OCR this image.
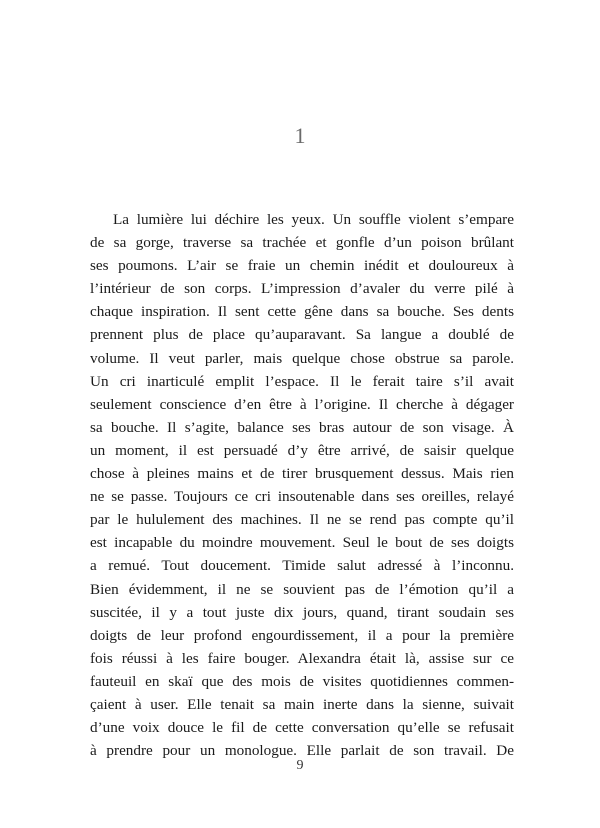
1
La lumière lui déchire les yeux. Un souffle violent s’empare
de sa gorge, traverse sa trachée et gonfle d’un poison brûlant
ses poumons. L’air se fraie un chemin inédit et douloureux à
l’intérieur de son corps. L’impression d’avaler du verre pilé à
chaque inspiration. Il sent cette gêne dans sa bouche. Ses dents
prennent plus de place qu’auparavant. Sa langue a doublé de
volume. Il veut parler, mais quelque chose obstrue sa parole.
Un cri inarticulé emplit l’espace. Il le ferait taire s’il avait
seulement conscience d’en être à l’origine. Il cherche à dégager
sa bouche. Il s’agite, balance ses bras autour de son visage. À
un moment, il est persuadé d’y être arrivé, de saisir quelque
chose à pleines mains et de tirer brusquement dessus. Mais rien
ne se passe. Toujours ce cri insoutenable dans ses oreilles, relayé
par le hululement des machines. Il ne se rend pas compte qu’il
est incapable du moindre mouvement. Seul le bout de ses doigts
a remué. Tout doucement. Timide salut adressé à l’inconnu.
Bien évidemment, il ne se souvient pas de l’émotion qu’il a
suscitée, il y a tout juste dix jours, quand, tirant soudain ses
doigts de leur profond engourdissement, il a pour la première
fois réussi à les faire bouger. Alexandra était là, assise sur ce
fauteuil en skaï que des mois de visites quotidiennes commen-
çaient à user. Elle tenait sa main inerte dans la sienne, suivait
d’une voix douce le fil de cette conversation qu’elle se refusait
à prendre pour un monologue. Elle parlait de son travail. De
9
